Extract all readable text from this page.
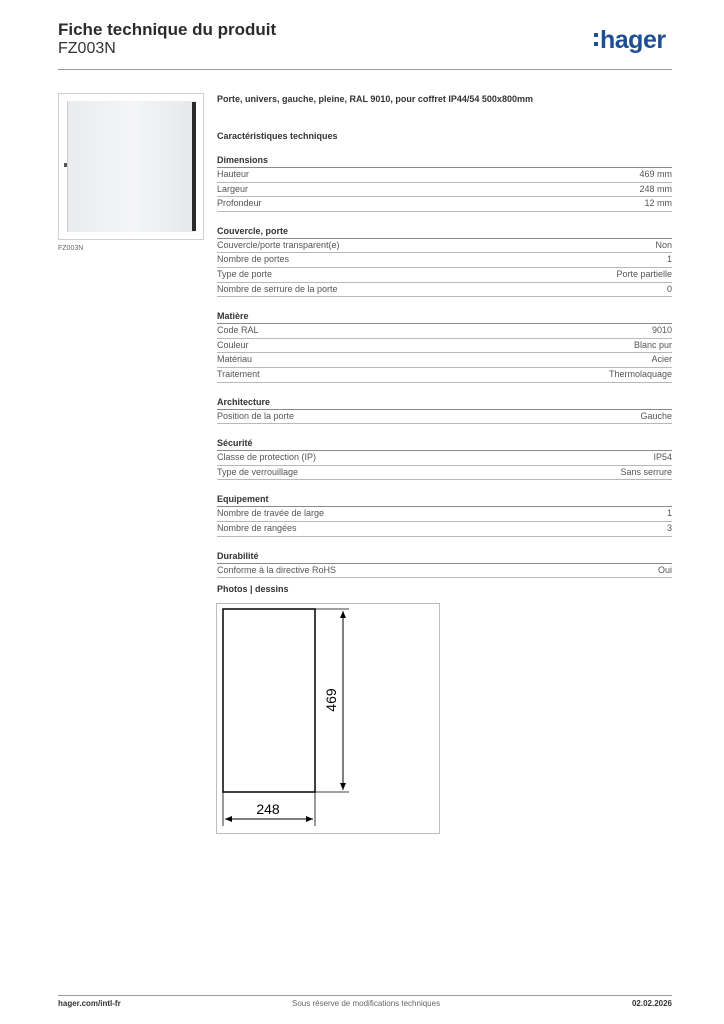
Fiche technique du produit
FZ003N	hager
FZ003N
Porte, univers, gauche, pleine, RAL 9010, pour coffret IP44/54 500x800mm
Caractéristiques techniques
Dimensions
Hauteur	469 mm
Largeur	248 mm
Profondeur	12 mm
Couvercle, porte
Couvercle/porte transparent(e)	Non
Nombre de portes	1
Type de porte	Porte partielle
Nombre de serrure de la porte	0
Matière
Code RAL	9010
Couleur	Blanc pur
Matériau	Acier
Traitement	Thermolaquage
Architecture
Position de la porte	Gauche
Sécurité
Classe de protection (IP)	IP54
Type de verrouillage	Sans serrure
Equipement
Nombre de travée de large	1
Nombre de rangées	3
Durabilité
Conforme à la directive RoHS	Oui
Photos | dessins
469
248
hager.com/intl-fr	Sous réserve de modifications techniques	02.02.2026
